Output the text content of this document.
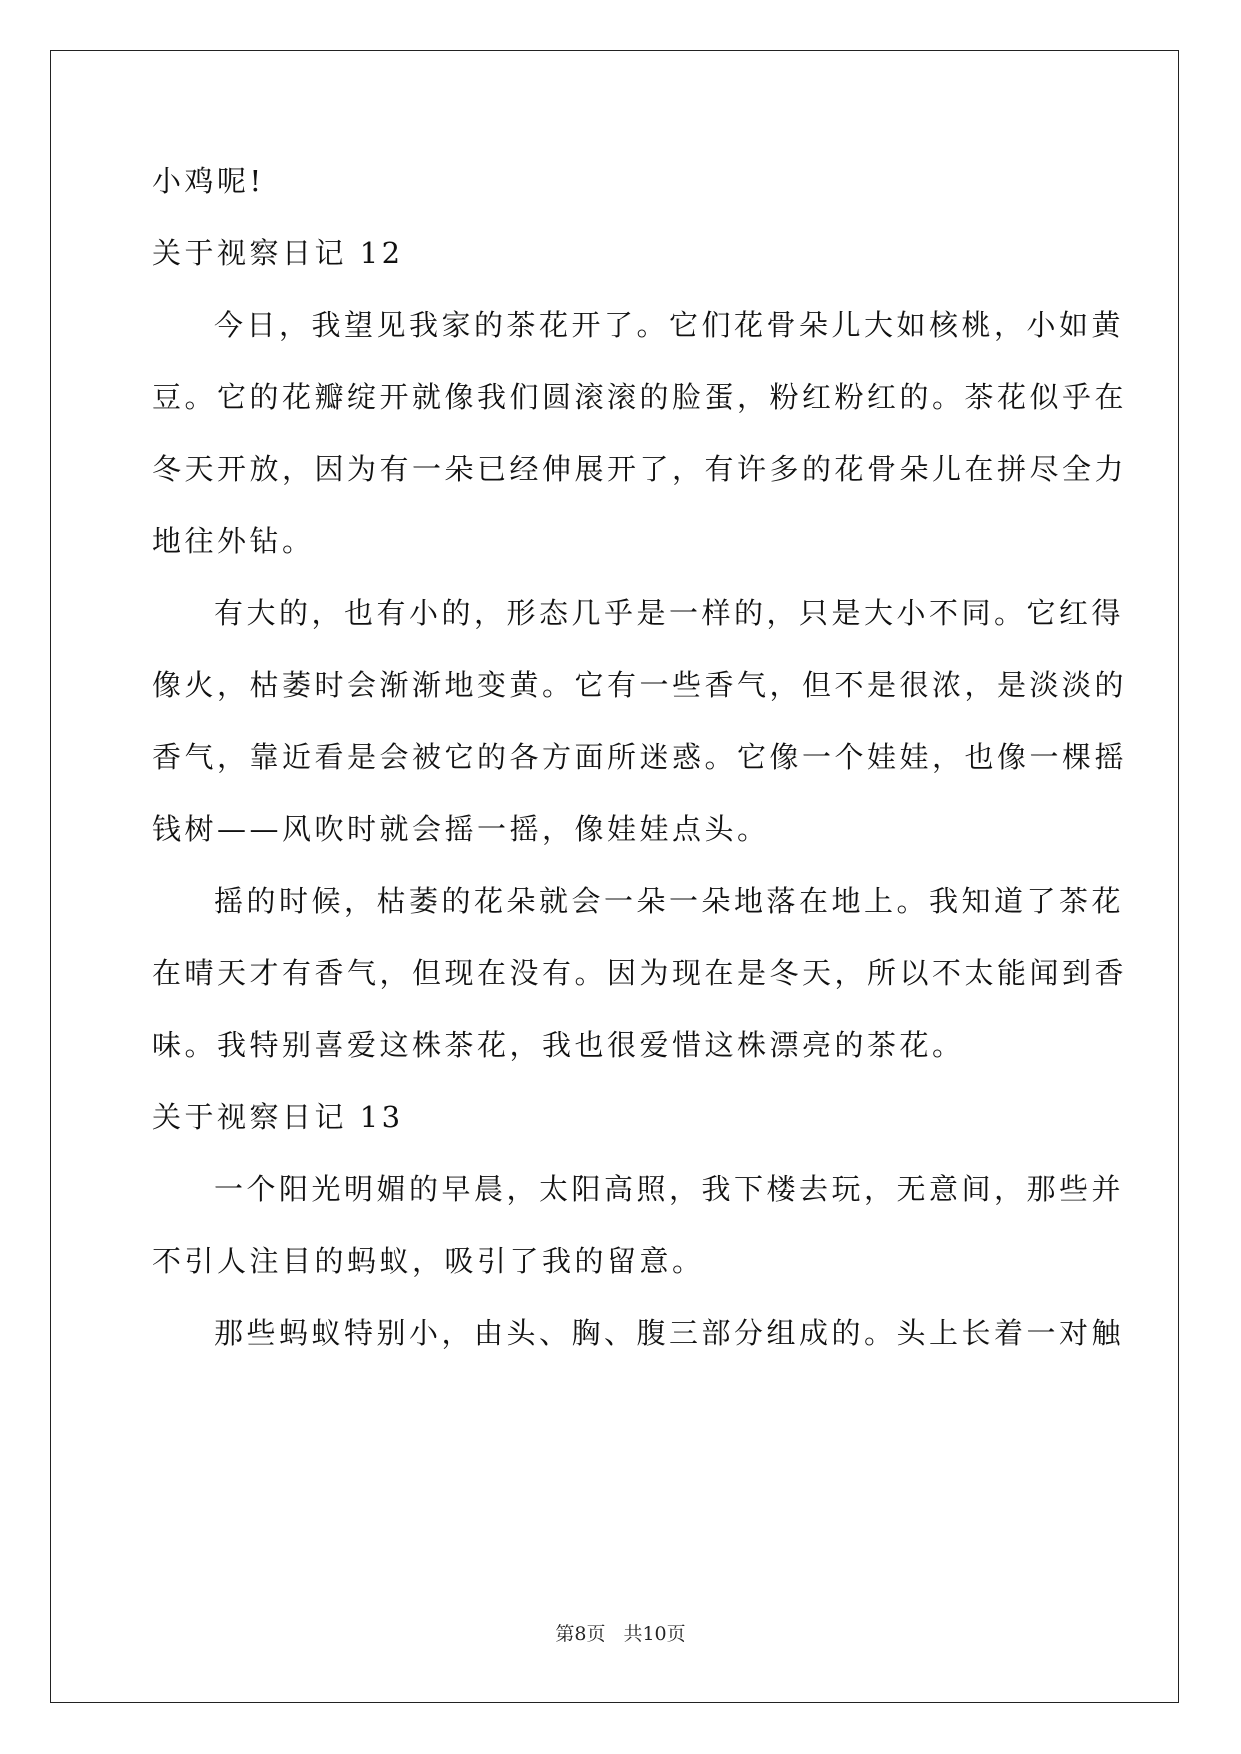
小鸡呢!

关于视察日记 12

今日，我望见我家的茶花开了。它们花骨朵儿大如核桃，小如黄

豆。它的花瓣绽开就像我们圆滚滚的脸蛋，粉红粉红的。茶花似乎在

冬天开放，因为有一朵已经伸展开了，有许多的花骨朵儿在拼尽全力

地往外钻。

有大的，也有小的，形态几乎是一样的，只是大小不同。它红得

像火，枯萎时会渐渐地变黄。它有一些香气，但不是很浓，是淡淡的

香气，靠近看是会被它的各方面所迷惑。它像一个娃娃，也像一棵摇

钱树——风吹时就会摇一摇，像娃娃点头。

摇的时候，枯萎的花朵就会一朵一朵地落在地上。我知道了茶花

在晴天才有香气，但现在没有。因为现在是冬天，所以不太能闻到香

味。我特别喜爱这株茶花，我也很爱惜这株漂亮的茶花。

关于视察日记 13

一个阳光明媚的早晨，太阳高照，我下楼去玩，无意间，那些并

不引人注目的蚂蚁，吸引了我的留意。

那些蚂蚁特别小，由头、胸、腹三部分组成的。头上长着一对触

第8页 共10页
